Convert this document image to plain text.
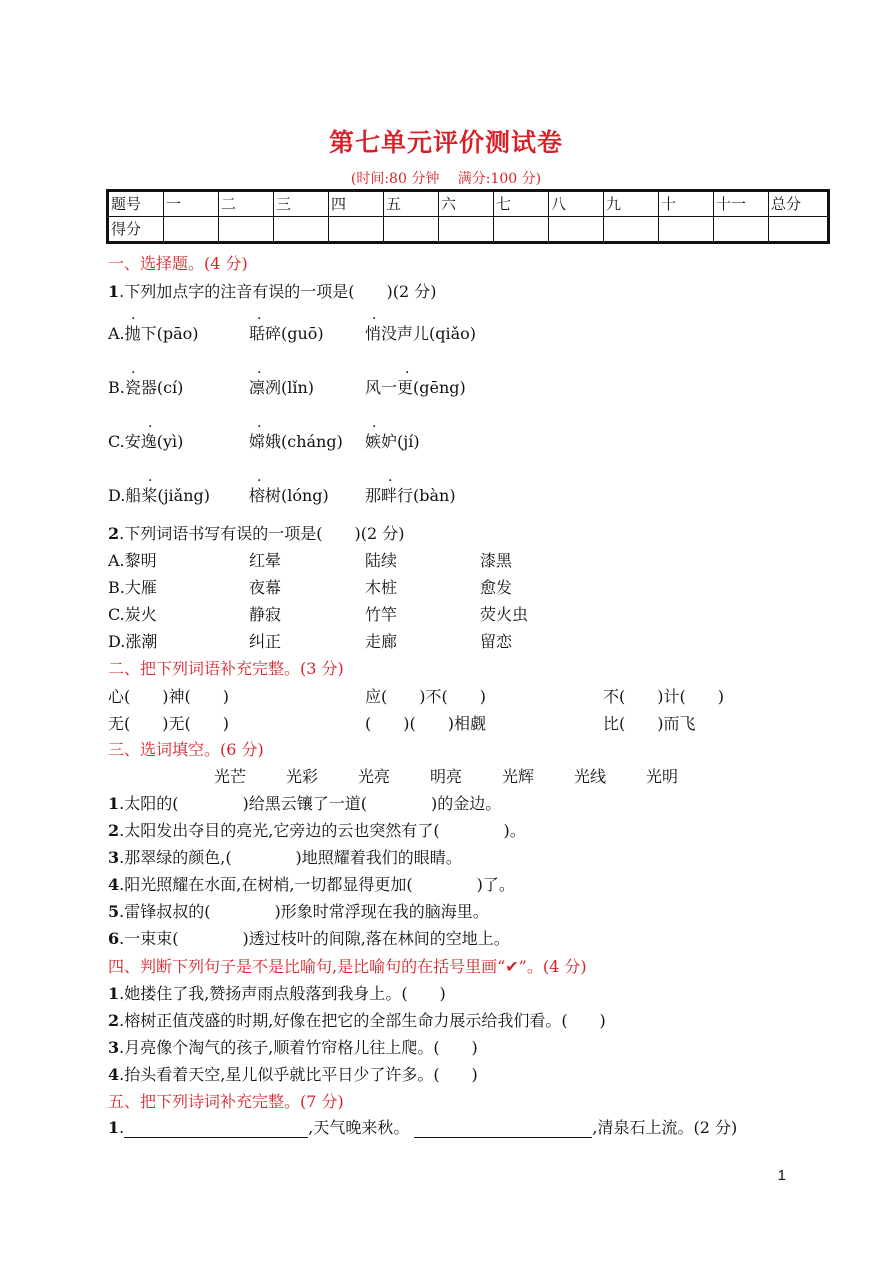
第七单元评价测试卷
(时间:80 分钟　 满分:100 分)
题号	一	二	三	四	五	六	七	八	九	十	十一	总分
得分												
一、选择题。(4 分)
1.下列加点字的注音有误的一项是(　　)(2 分)
A.抛下(pāo)
.
聒碎(guō)
.
悄没声儿(qiǎo)
.
B.瓷器(cí)
.
凛冽(lǐn)
.
风一更(gēng)
.
C.安逸(yì)
.
嫦娥(cháng)
.
嫉妒(jí)
.
D.船桨(jiǎng)
.
榕树(lóng)
.
那畔行(bàn)
.
2.下列词语书写有误的一项是(　　)(2 分)
A.黎明	红晕	陆续	漆黑
B.大雁	夜幕	木桩	愈发
C.炭火	静寂	竹竿	荧火虫
D.涨潮	纠正	走廊	留恋
二、把下列词语补充完整。(3 分)
心(　　)神(　　)	应(　　)不(　　)	不(　　)计(　　)
无(　　)无(　　)	(　　)(　　)相觑	比(　　)而飞
三、选词填空。(6 分)
光芒 光彩 光亮 明亮 光辉 光线 光明
1.太阳的(　　　　)给黑云镶了一道(　　　　)的金边。
2.太阳发出夺目的亮光,它旁边的云也突然有了(　　　　)。
3.那翠绿的颜色,(　　　　)地照耀着我们的眼睛。
4.阳光照耀在水面,在树梢,一切都显得更加(　　　　)了。
5.雷锋叔叔的(　　　　)形象时常浮现在我的脑海里。
6.一束束(　　　　)透过枝叶的间隙,落在林间的空地上。
四、判断下列句子是不是比喻句,是比喻句的在括号里画“✔”。(4 分)
1.她搂住了我,赞扬声雨点般落到我身上。(　　)
2.榕树正值茂盛的时期,好像在把它的全部生命力展示给我们看。(　　)
3.月亮像个淘气的孩子,顺着竹帘格儿往上爬。(　　)
4.抬头看着天空,星儿似乎就比平日少了许多。(　　)
五、把下列诗词补充完整。(7 分)
1.	,天气晚来秋。	,清泉石上流。(2 分)
1
